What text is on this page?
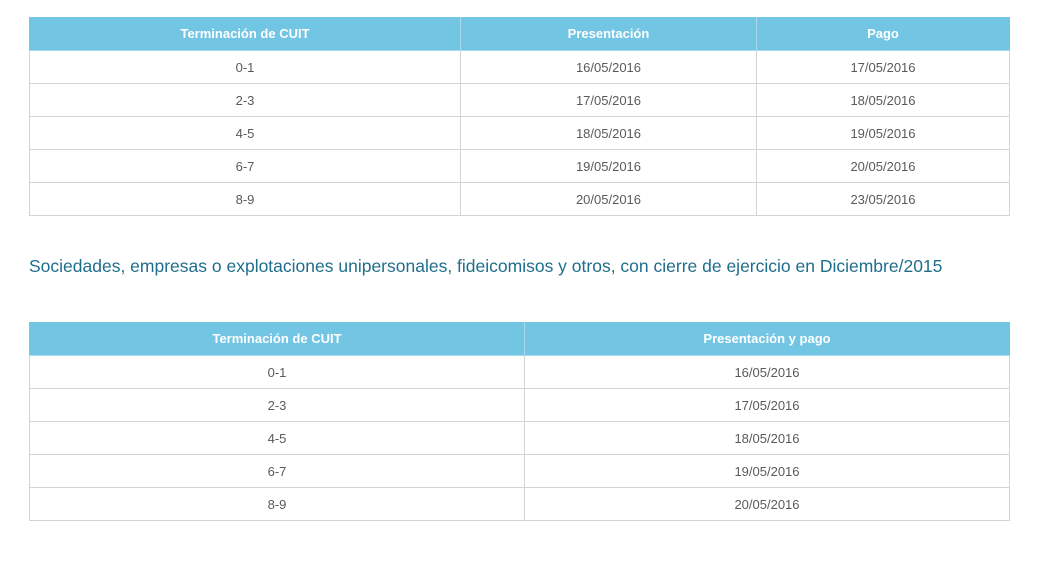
Terminación de CUIT	Presentación	Pago
0-1	16/05/2016	17/05/2016
2-3	17/05/2016	18/05/2016
4-5	18/05/2016	19/05/2016
6-7	19/05/2016	20/05/2016
8-9	20/05/2016	23/05/2016
Sociedades, empresas o explotaciones unipersonales, fideicomisos y otros, con cierre de ejercicio en Diciembre/2015
Terminación de CUIT	Presentación y pago
0-1	16/05/2016
2-3	17/05/2016
4-5	18/05/2016
6-7	19/05/2016
8-9	20/05/2016
